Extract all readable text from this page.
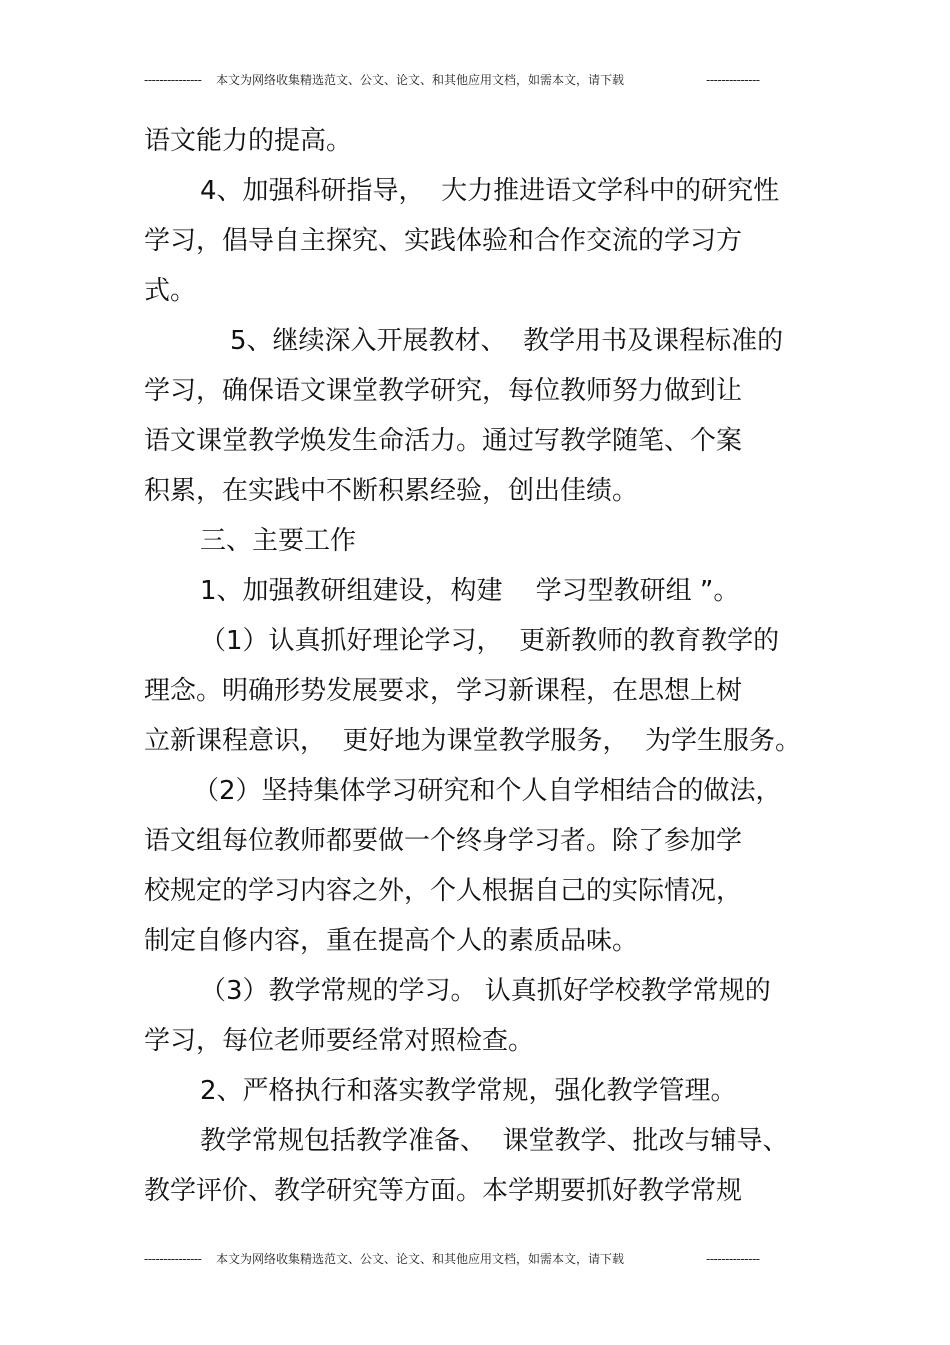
--------------- 本文为网络收集精选范文、公文、论文、和其他应用文档，如需本文，请下载	--------------
语文能力的提高。
4、加强科研指导，  大力推进语文学科中的研究性
学习，倡导自主探究、实践体验和合作交流的学习方
式。
5、继续深入开展教材、  教学用书及课程标准的
学习，确保语文课堂教学研究，每位教师努力做到让
语文课堂教学焕发生命活力。通过写教学随笔、个案
积累，在实践中不断积累经验，创出佳绩。
三、主要工作
1、加强教研组建设，构建    学习型教研组 ”。
（1）认真抓好理论学习，  更新教师的教育教学的
理念。明确形势发展要求，学习新课程，在思想上树
立新课程意识，  更好地为课堂教学服务，  为学生服务。
（2）坚持集体学习研究和个人自学相结合的做法，
语文组每位教师都要做一个终身学习者。除了参加学
校规定的学习内容之外，个人根据自己的实际情况，
制定自修内容，重在提高个人的素质品味。
（3）教学常规的学习。 认真抓好学校教学常规的
学习，每位老师要经常对照检查。
2、严格执行和落实教学常规，强化教学管理。
教学常规包括教学准备、  课堂教学、批改与辅导、
教学评价、教学研究等方面。本学期要抓好教学常规
--------------- 本文为网络收集精选范文、公文、论文、和其他应用文档，如需本文，请下载	--------------
